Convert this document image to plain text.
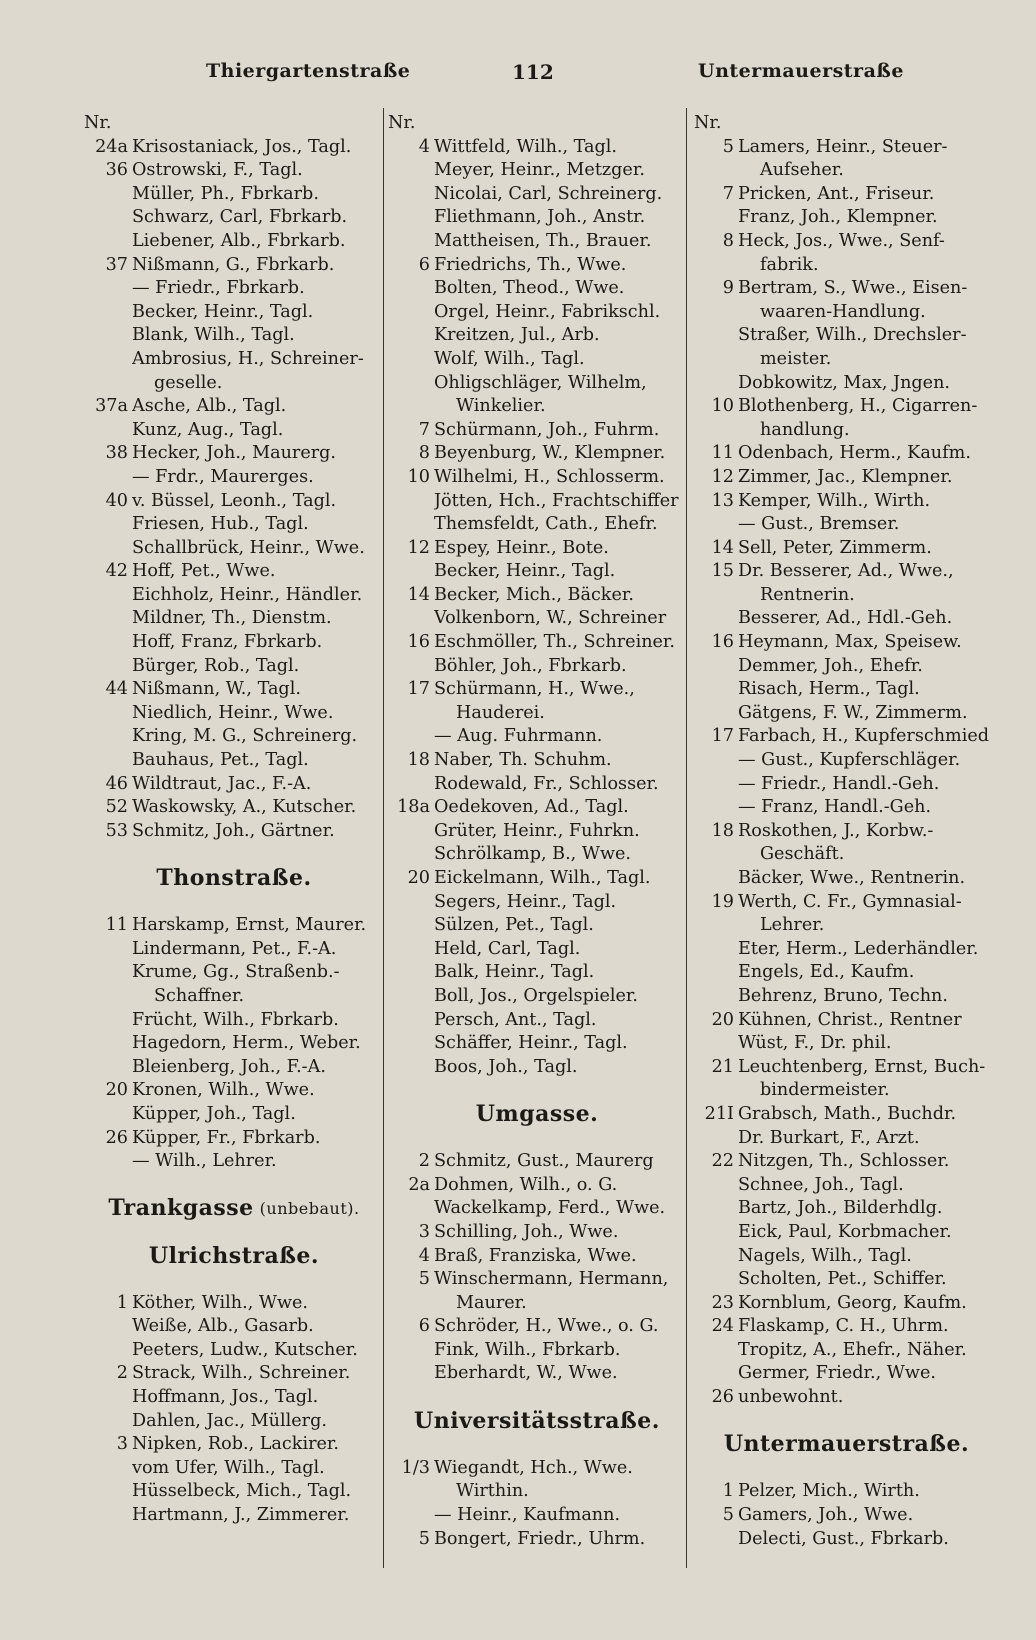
Thiergartenstraße	112	Untermauerstraße
Nr.
24a Krisostaniack, Jos., Tagl.
36 Ostrowski, F., Tagl.
Müller, Ph., Fbrkarb.
Schwarz, Carl, Fbrkarb.
Liebener, Alb., Fbrkarb.
37 Nißmann, G., Fbrkarb.
— Friedr., Fbrkarb.
Becker, Heinr., Tagl.
Blank, Wilh., Tagl.
Ambrosius, H., Schreiner-
geselle.
37a Asche, Alb., Tagl.
Kunz, Aug., Tagl.
38 Hecker, Joh., Maurerg.
— Frdr., Maurerges.
40 v. Büssel, Leonh., Tagl.
Friesen, Hub., Tagl.
Schallbrück, Heinr., Wwe.
42 Hoff, Pet., Wwe.
Eichholz, Heinr., Händler.
Mildner, Th., Dienstm.
Hoff, Franz, Fbrkarb.
Bürger, Rob., Tagl.
44 Nißmann, W., Tagl.
Niedlich, Heinr., Wwe.
Kring, M. G., Schreinerg.
Bauhaus, Pet., Tagl.
46 Wildtraut, Jac., F.-A.
52 Waskowsky, A., Kutscher.
53 Schmitz, Joh., Gärtner.
Thonstraße.
11 Harskamp, Ernst, Maurer.
Lindermann, Pet., F.-A.
Krume, Gg., Straßenb.-
Schaffner.
Frücht, Wilh., Fbrkarb.
Hagedorn, Herm., Weber.
Bleienberg, Joh., F.-A.
20 Kronen, Wilh., Wwe.
Küpper, Joh., Tagl.
26 Küpper, Fr., Fbrkarb.
— Wilh., Lehrer.
Trankgasse (unbebaut).
Ulrichstraße.
1 Köther, Wilh., Wwe.
Weiße, Alb., Gasarb.
Peeters, Ludw., Kutscher.
2 Strack, Wilh., Schreiner.
Hoffmann, Jos., Tagl.
Dahlen, Jac., Müllerg.
3 Nipken, Rob., Lackirer.
vom Ufer, Wilh., Tagl.
Hüsselbeck, Mich., Tagl.
Hartmann, J., Zimmerer.
Nr.
4 Wittfeld, Wilh., Tagl.
Meyer, Heinr., Metzger.
Nicolai, Carl, Schreinerg.
Fliethmann, Joh., Anstr.
Mattheisen, Th., Brauer.
6 Friedrichs, Th., Wwe.
Bolten, Theod., Wwe.
Orgel, Heinr., Fabrikschl.
Kreitzen, Jul., Arb.
Wolf, Wilh., Tagl.
Ohligschläger, Wilhelm,
Winkelier.
7 Schürmann, Joh., Fuhrm.
8 Beyenburg, W., Klempner.
10 Wilhelmi, H., Schlosserm.
Jötten, Hch., Frachtschiffer
Themsfeldt, Cath., Ehefr.
12 Espey, Heinr., Bote.
Becker, Heinr., Tagl.
14 Becker, Mich., Bäcker.
Volkenborn, W., Schreiner
16 Eschmöller, Th., Schreiner.
Böhler, Joh., Fbrkarb.
17 Schürmann, H., Wwe.,
Hauderei.
— Aug. Fuhrmann.
18 Naber, Th. Schuhm.
Rodewald, Fr., Schlosser.
18a Oedekoven, Ad., Tagl.
Grüter, Heinr., Fuhrkn.
Schrölkamp, B., Wwe.
20 Eickelmann, Wilh., Tagl.
Segers, Heinr., Tagl.
Sülzen, Pet., Tagl.
Held, Carl, Tagl.
Balk, Heinr., Tagl.
Boll, Jos., Orgelspieler.
Persch, Ant., Tagl.
Schäffer, Heinr., Tagl.
Boos, Joh., Tagl.
Umgasse.
2 Schmitz, Gust., Maurerg
2a Dohmen, Wilh., o. G.
Wackelkamp, Ferd., Wwe.
3 Schilling, Joh., Wwe.
4 Braß, Franziska, Wwe.
5 Winschermann, Hermann,
Maurer.
6 Schröder, H., Wwe., o. G.
Fink, Wilh., Fbrkarb.
Eberhardt, W., Wwe.
Universitätsstraße.
1/3 Wiegandt, Hch., Wwe.
Wirthin.
— Heinr., Kaufmann.
5 Bongert, Friedr., Uhrm.
Nr.
5 Lamers, Heinr., Steuer-
Aufseher.
7 Pricken, Ant., Friseur.
Franz, Joh., Klempner.
8 Heck, Jos., Wwe., Senf-
fabrik.
9 Bertram, S., Wwe., Eisen-
waaren-Handlung.
Straßer, Wilh., Drechsler-
meister.
Dobkowitz, Max, Jngen.
10 Blothenberg, H., Cigarren-
handlung.
11 Odenbach, Herm., Kaufm.
12 Zimmer, Jac., Klempner.
13 Kemper, Wilh., Wirth.
— Gust., Bremser.
14 Sell, Peter, Zimmerm.
15 Dr. Besserer, Ad., Wwe.,
Rentnerin.
Besserer, Ad., Hdl.-Geh.
16 Heymann, Max, Speisew.
Demmer, Joh., Ehefr.
Risach, Herm., Tagl.
Gätgens, F. W., Zimmerm.
17 Farbach, H., Kupferschmied
— Gust., Kupferschläger.
— Friedr., Handl.-Geh.
— Franz, Handl.-Geh.
18 Roskothen, J., Korbw.-
Geschäft.
Bäcker, Wwe., Rentnerin.
19 Werth, C. Fr., Gymnasial-
Lehrer.
Eter, Herm., Lederhändler.
Engels, Ed., Kaufm.
Behrenz, Bruno, Techn.
20 Kühnen, Christ., Rentner
Wüst, F., Dr. phil.
21 Leuchtenberg, Ernst, Buch-
bindermeister.
21I Grabsch, Math., Buchdr.
Dr. Burkart, F., Arzt.
22 Nitzgen, Th., Schlosser.
Schnee, Joh., Tagl.
Bartz, Joh., Bilderhdlg.
Eick, Paul, Korbmacher.
Nagels, Wilh., Tagl.
Scholten, Pet., Schiffer.
23 Kornblum, Georg, Kaufm.
24 Flaskamp, C. H., Uhrm.
Tropitz, A., Ehefr., Näher.
Germer, Friedr., Wwe.
26 unbewohnt.
Untermauerstraße.
1 Pelzer, Mich., Wirth.
5 Gamers, Joh., Wwe.
Delecti, Gust., Fbrkarb.
